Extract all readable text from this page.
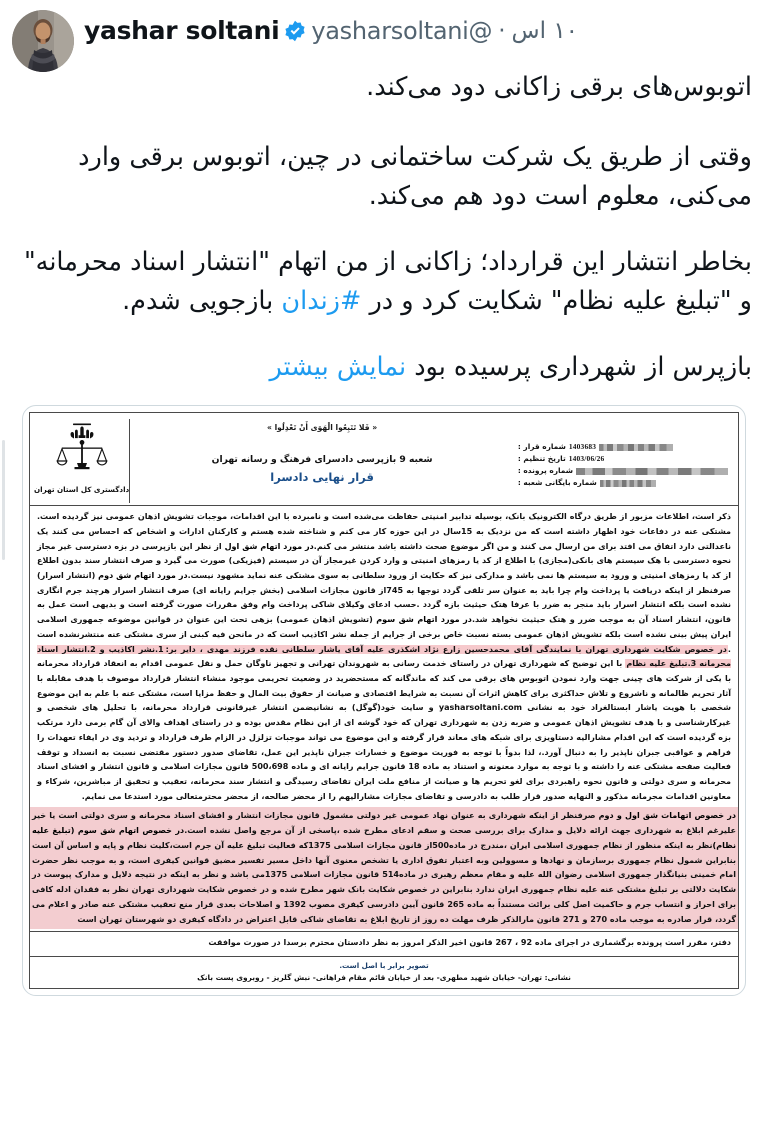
۱۰ اس
·
@yasharsoltani
yashar soltani

اتوبوس‌های برقی زاکانی دود می‌کند.

وقتی از طریق یک شرکت ساختمانی در چین، اتوبوس برقی وارد می‌کنی، معلوم است دود هم می‌کند.

بخاطر انتشار این قرارداد؛ زاکانی از من اتهام "انتشار اسناد محرمانه" و "تبلیغ علیه نظام" شکایت کرد و در #زندان بازجویی شدم.

بازپرس از شهرداری پرسیده بود نمایش بیشتر

1403683
شماره قرار :
1403/06/26
تاریخ تنظیم :
شماره پرونده :
شماره بایگانی شعبه :
« فَلا تَتَبِعُوا الْهَوَى أَنْ تَعْدِلُوا »
شعبه 9 بازپرسی دادسرای فرهنگ و رسانه تهران
قرار نهایی دادسرا
دادگستری کل استان تهران

ذکر است، اطلاعات مزبور از طریق درگاه الکترونیک بانک، بوسیله تدابیر امنیتی حفاظت می‌شده است و نامبرده با این اقدامات، موجبات تشویش اذهان عمومی نیز گردیده است. مشتکی عنه در دفاعات خود اظهار داشته است که من نزدیک به 15سال در این حوزه کار می کنم و شناخته شده هستم و کارکنان ادارات و اشخاص که احساس می کنند یک ناعدالتی دارد اتفاق می افتد برای من ارسال می کنند و من اگر موضوع صحت داشته باشد منتشر می کنم.در مورد اتهام شق اول از نظر این بازپرسی در بزه دسترسی غیر مجاز نحوه دسترسی با هک سیستم های بانکی(مجازی) با اطلاع از کد یا رمزهای امنیتی و وارد کردن غیرمجاز آن در سیستم (فیزیکی) صورت می گیرد و صرف انتشار سند بدون اطلاع از کد یا رمزهای امنیتی و ورود به سیستم ها نمی باشد و مدارکی نیز که حکایت از ورود سلطانی به سوی مشتکی عنه نماید مشهود نیست.در مورد اتهام شق دوم (انتشار اسرار) صرفنظر از اینکه دریافت یا پرداخت وام چرا باید به عنوان سر تلقی گردد توجها به 745از قانون مجازات اسلامی (بخش جرایم رایانه ای) صرف انتشار اسرار هرچند جرم انگاری نشده است بلکه انتشار اسرار باید منجر به ضرر با عرفا هتک حیثیت بازه گردد .حسب ادعای وکیلای شاکی پرداخت وام وفق مقررات صورت گرفته است و بدیهی است عمل به قانون، انتشار اسناد آن به موجب ضرر و هتک حیثیت نخواهد شد.در مورد اتهام شق سوم (تشویش اذهان عمومی) بزهی تحت این عنوان در قوانین موضوعه جمهوری اسلامی ایران پیش بینی نشده است بلکه تشویش اذهان عمومی بسته نسبت خاص برخی از جرایم از جمله نشر اکاذیب است که در مانحن فیه کبنی از سری مشتکی عنه منتشرنشده است .در خصوص شکایت شهرداری تهران با نمایندگی آقای محمدحسین زارع نژاد اشکذری علیه آقای یاشار سلطانی نقده فرزند مهدی ، دایر بر:1.نشر اکاذیب و 2.انتشار اسناد محرمانه 3.تبلیغ علیه نظام با این توضیح که شهرداری تهران در راستای خدمت رسانی به شهروندان تهرانی و تجهیز ناوگان حمل و نقل عمومی اقدام به انعقاد قرارداد محرمانه با یکی از شرکت های چینی جهت وارد نمودن اتوبوس های برقی می کند که ماندگانه که مستحضرید در وضعیت تحریمی موجود منشاء انتشار قرارداد موصوف با هدف مقابله با آثار تحریم ظالمانه و ناشروع و تلاش حداکثری برای کاهش اثرات آن نسبت به شرایط اقتصادی و صیانت از حقوق بیت المال و حفظ مزایا است، مشتکی عنه با علم به این موضوع شخصی با هویت یاشار ابستالغراد خود به نشانی yasharsoltani.com و سایت خود(گوگل) به نشانیضمن انتشار غیرقانونی قرارداد محرمانه، با تحلیل های شخصی و غیرکارشناسی و با هدف تشویش اذهان عمومی و ضربه زدن به شهرداری تهران که خود گوشه ای از این نظام مقدس بوده و در راستای اهداف والای آن گام برمی دارد مرتکب بزه گردیده است که این اقدام مشارالیه دستاویزی برای شبکه های معاند قرار گرفته و این موضوع می تواند موجبات تزلزل در الزام طرف قرارداد و تردید وی در ایفاء تعهدات را فراهم و عواقبی جبران ناپذیر را به دنبال آورد.، لذا بدواً با توجه به فوریت موضوع و خسارات جبران ناپذیر این عمل، تقاضای صدور دستور مقتضی نسبت به انسداد و توقف فعالیت صفحه مشتکی عنه را داشته و با توجه به موارد معنونه و استناد به ماده 18 قانون جرایم رایانه ای و ماده 500،698 قانون مجازات اسلامی و قانون انتشار و افشای اسناد محرمانه و سری دولتی و قانون نحوه راهبردی برای لغو تحریم ها و صیانت از منافع ملت ایران تقاضای رسیدگی و انتشار سند محرمانه، تعقیب و تحقیق از مباشرین، شرکاء و معاونین اقدامات مجرمانه مذکور و النهایه صدور قرار طلب به دادرسی و تقاضای مجازات مشارالیهم را از محضر صالحه، از محضر محترمتعالی مورد استدعا می نمایم.

در خصوص اتهامات شق اول و دوم صرفنظر از اینکه شهرداری به عنوان نهاد عمومی غیر دولتی مشمول قانون مجازات انتشار و افشای اسناد محرمانه و سری دولتی است یا خیر علیرغم ابلاغ به شهرداری جهت ارائه دلایل و مدارک برای بررسی صحت و سقم ادعای مطرح شده ،پاسخی از آن مرجع واصل نشده است.در خصوص اتهام شق سوم (تبلیغ علیه نظام)نظر به اینکه منظور از نظام جمهوری اسلامی ایران ،مندرج در ماده500از قانون مجازات اسلامی 1375که فعالیت تبلیغ علیه آن جرم است،کلیت نظام و پایه و اساس آن است بنابراین شمول نظام جمهوری برسازمان و نهادها و مسوولین وبه اعتبار تفوق اداری یا تشخص معنوی آنها داخل مسیر تفسیر مضیق قوانین کیفری است، و به موجب نظر حضرت امام خمینی بنیانگذار جمهوری اسلامی رضوان الله علیه و مقام معظم رهبری در ماده514 قانون مجازات اسلامی 1375می باشد و نظر به اینکه در نتیجه دلایل و مدارک پیوست در شکایت دلالتی بر تبلیغ مشتکی عنه علیه نظام جمهوری ایران ندارد بنابراین در خصوص شکایت بانک شهر مطرح شده و در خصوص شکایت شهرداری تهران نظر به فقدان ادله کافی برای احراز و انتساب جرم و حاکمیت اصل کلی برائت مستنداً به ماده 265 قانون آیین دادرسی کیفری مصوب 1392 و اصلاحات بعدی قرار منع تعقیب مشتکی عنه صادر و اعلام می گردد، قرار صادره به موجب ماده 270 و 271 قانون مارالذکر ظرف مهلت ده روز از تاریخ ابلاغ به تقاضای شاکی قابل اعتراض در دادگاه کیفری دو شهرستان تهران است

دفتر، مقرر است پرونده برگشماری در اجرای ماده 92 ، 267 قانون اخیر الذکر امروز به نظر دادستان محترم برسدا در صورت موافقت
تصویر برابر با اصل است.
نشانی: تهران- خیابان شهید مطهری- بعد از خیابان قائم مقام فراهانی- نبش گلریز - روبروی پست بانک
